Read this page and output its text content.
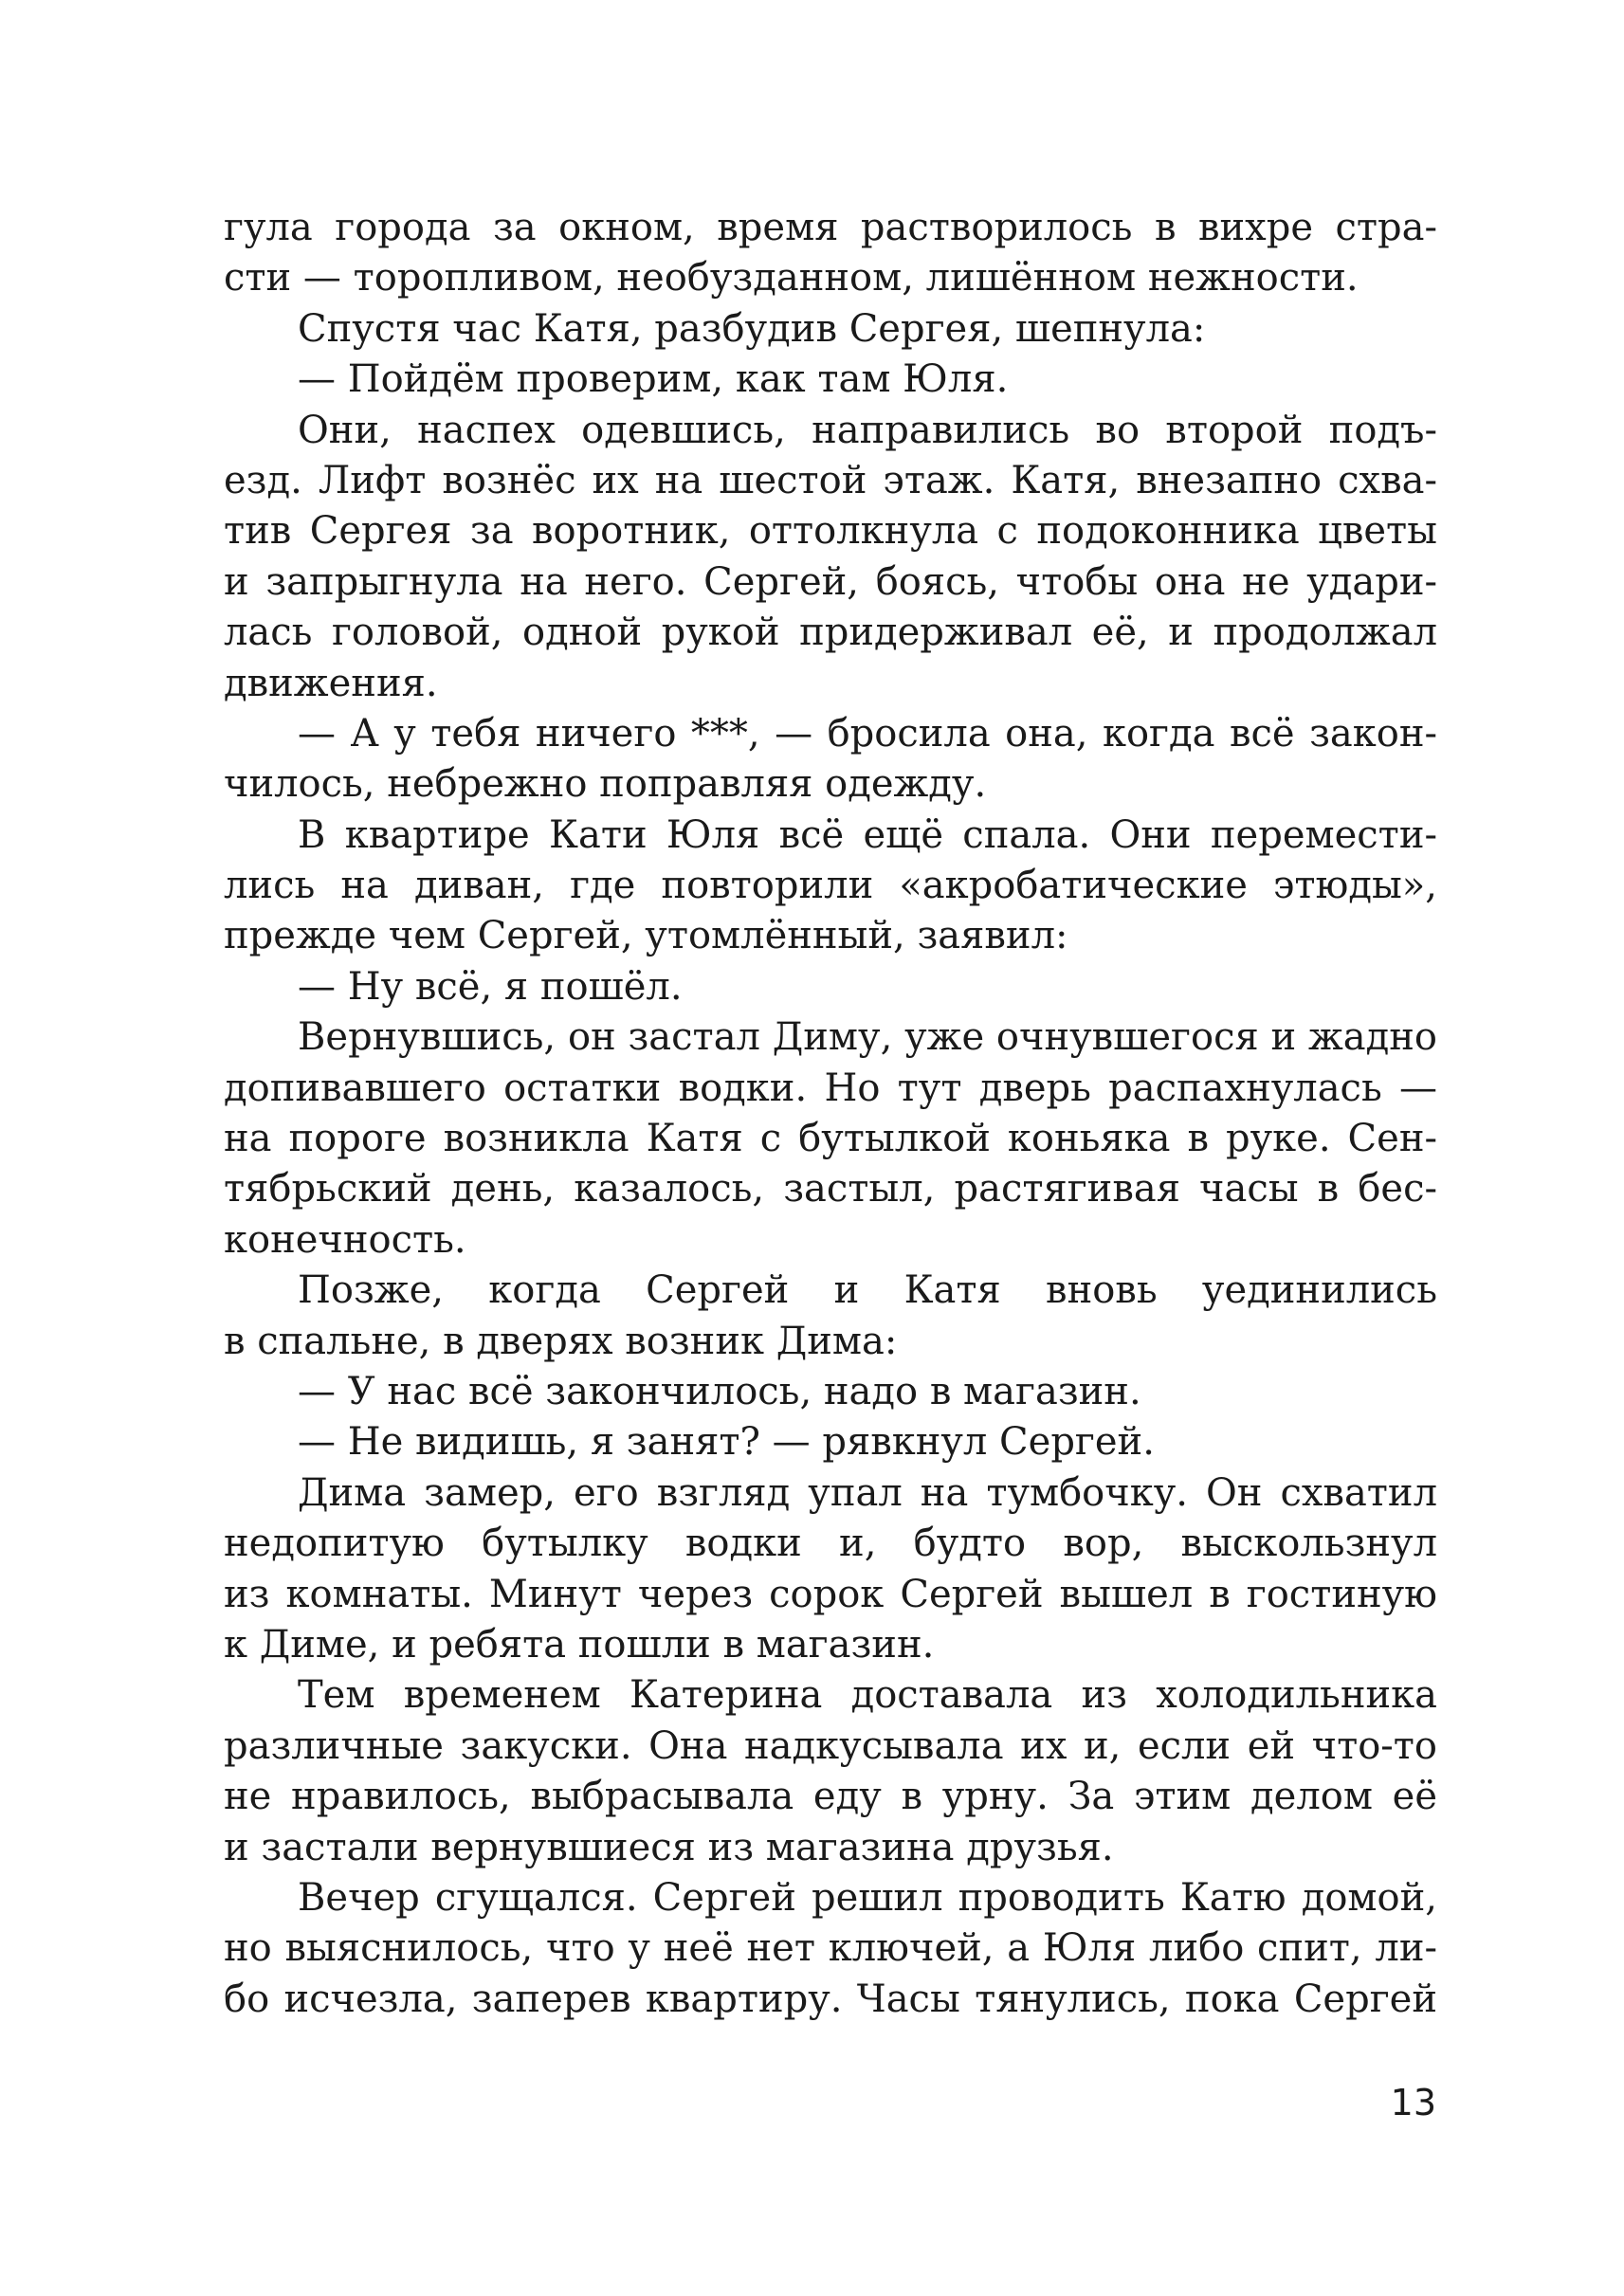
гула города за окном, время растворилось в вихре стра-
сти — торопливом, необузданном, лишённом нежности.
Спустя час Катя, разбудив Сергея, шепнула:
— Пойдём проверим, как там Юля.
Они, наспех одевшись, направились во второй подъ-
езд. Лифт вознёс их на шестой этаж. Катя, внезапно схва-
тив Сергея за воротник, оттолкнула с подоконника цветы
и запрыгнула на него. Сергей, боясь, чтобы она не удари-
лась головой, одной рукой придерживал её, и продолжал
движения.
— А у тебя ничего ***, — бросила она, когда всё закон-
чилось, небрежно поправляя одежду.
В квартире Кати Юля всё ещё спала. Они перемести-
лись на диван, где повторили «акробатические этюды»,
прежде чем Сергей, утомлённый, заявил:
— Ну всё, я пошёл.
Вернувшись, он застал Диму, уже очнувшегося и жадно
допивавшего остатки водки. Но тут дверь распахнулась —
на пороге возникла Катя с бутылкой коньяка в руке. Сен-
тябрьский день, казалось, застыл, растягивая часы в бес-
конечность.
Позже, когда Сергей и Катя вновь уединились
в спальне, в дверях возник Дима:
— У нас всё закончилось, надо в магазин.
— Не видишь, я занят? — рявкнул Сергей.
Дима замер, его взгляд упал на тумбочку. Он схватил
недопитую бутылку водки и, будто вор, выскользнул
из комнаты. Минут через сорок Сергей вышел в гостиную
к Диме, и ребята пошли в магазин.
Тем временем Катерина доставала из холодильника
различные закуски. Она надкусывала их и, если ей что-то
не нравилось, выбрасывала еду в урну. За этим делом её
и застали вернувшиеся из магазина друзья.
Вечер сгущался. Сергей решил проводить Катю домой,
но выяснилось, что у неё нет ключей, а Юля либо спит, ли-
бо исчезла, заперев квартиру. Часы тянулись, пока Сергей
13
